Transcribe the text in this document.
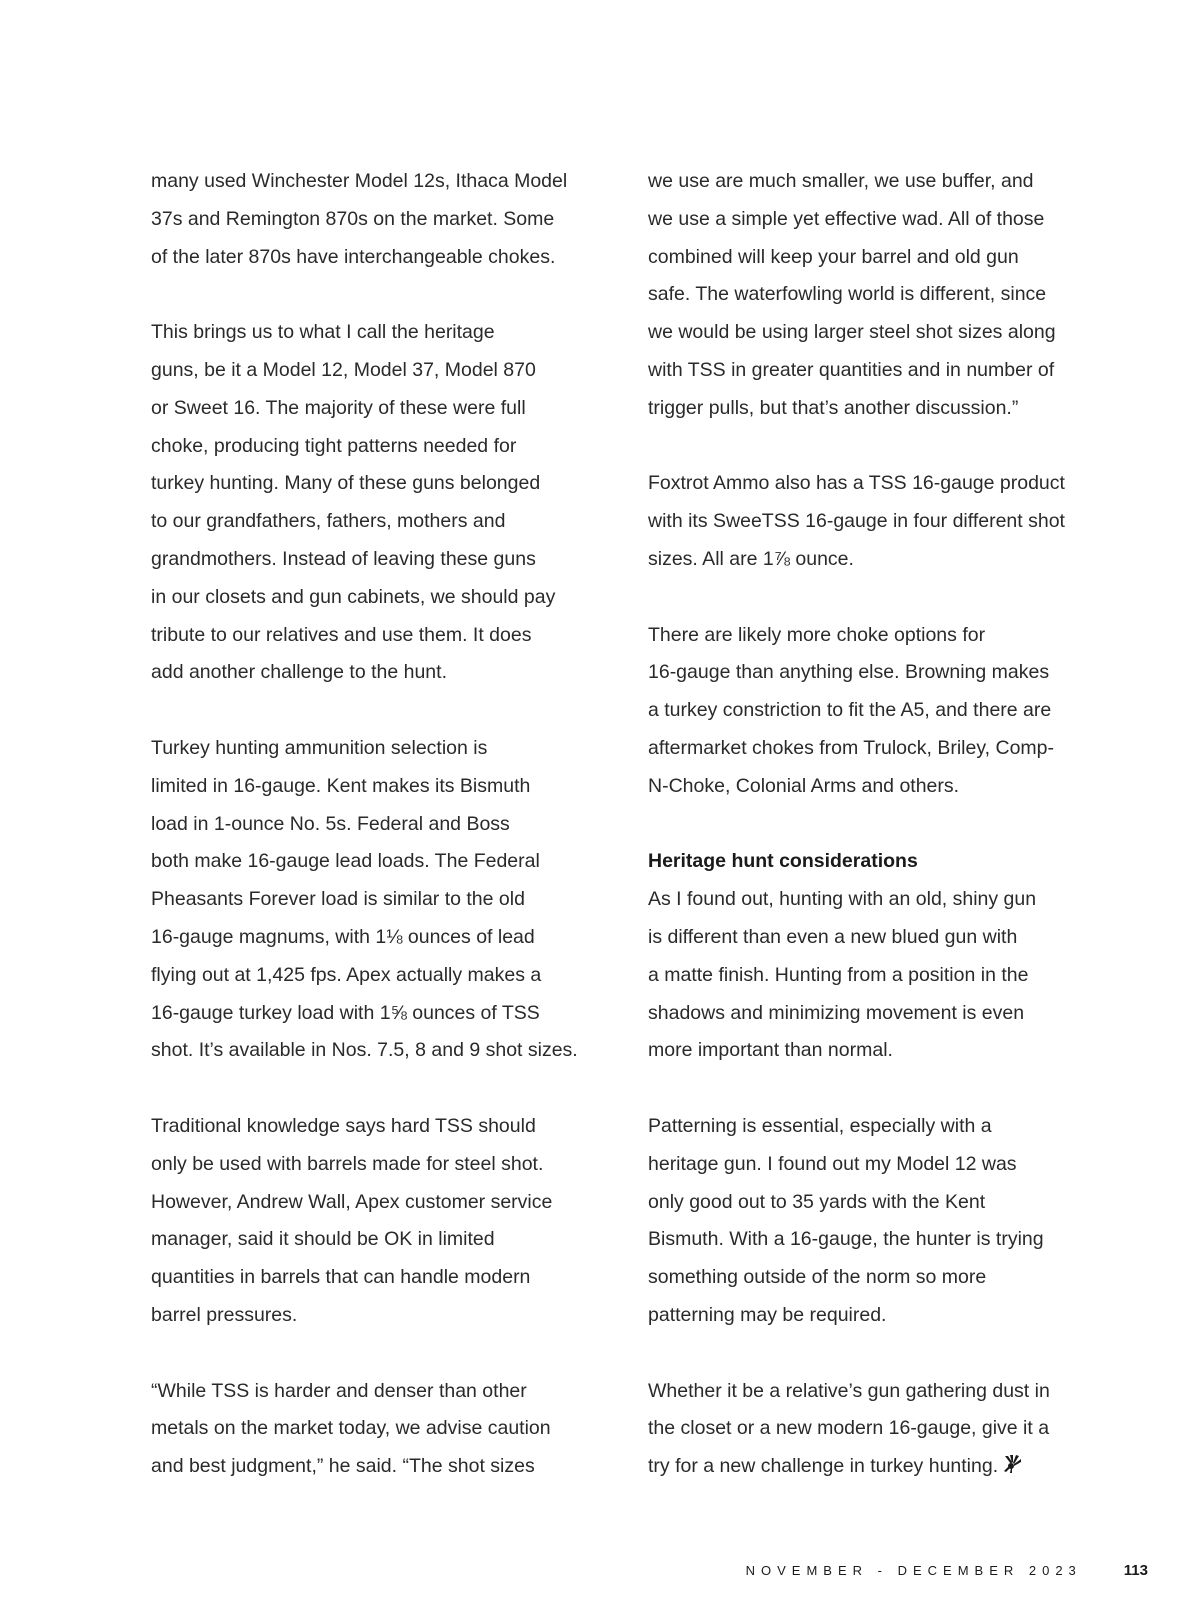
many used Winchester Model 12s, Ithaca Model
37s and Remington 870s on the market. Some
of the later 870s have interchangeable chokes.

This brings us to what I call the heritage
guns, be it a Model 12, Model 37, Model 870
or Sweet 16. The majority of these were full
choke, producing tight patterns needed for
turkey hunting. Many of these guns belonged
to our grandfathers, fathers, mothers and
grandmothers. Instead of leaving these guns
in our closets and gun cabinets, we should pay
tribute to our relatives and use them. It does
add another challenge to the hunt.

Turkey hunting ammunition selection is
limited in 16-gauge. Kent makes its Bismuth
load in 1-ounce No. 5s. Federal and Boss
both make 16-gauge lead loads. The Federal
Pheasants Forever load is similar to the old
16-gauge magnums, with 1⅛ ounces of lead
flying out at 1,425 fps. Apex actually makes a
16-gauge turkey load with 1⅝ ounces of TSS
shot. It’s available in Nos. 7.5, 8 and 9 shot sizes.

Traditional knowledge says hard TSS should
only be used with barrels made for steel shot.
However, Andrew Wall, Apex customer service
manager, said it should be OK in limited
quantities in barrels that can handle modern
barrel pressures.

“While TSS is harder and denser than other
metals on the market today, we advise caution
and best judgment,” he said. “The shot sizes

we use are much smaller, we use buffer, and
we use a simple yet effective wad. All of those
combined will keep your barrel and old gun
safe. The waterfowling world is different, since
we would be using larger steel shot sizes along
with TSS in greater quantities and in number of
trigger pulls, but that’s another discussion.”

Foxtrot Ammo also has a TSS 16-gauge product
with its SweeTSS 16-gauge in four different shot
sizes. All are 1⅞ ounce.

There are likely more choke options for
16-gauge than anything else. Browning makes
a turkey constriction to fit the A5, and there are
aftermarket chokes from Trulock, Briley, Comp-
N-Choke, Colonial Arms and others.

Heritage hunt considerations

As I found out, hunting with an old, shiny gun
is different than even a new blued gun with
a matte finish. Hunting from a position in the
shadows and minimizing movement is even
more important than normal.

Patterning is essential, especially with a
heritage gun. I found out my Model 12 was
only good out to 35 yards with the Kent
Bismuth. With a 16-gauge, the hunter is trying
something outside of the norm so more
patterning may be required.

Whether it be a relative’s gun gathering dust in
the closet or a new modern 16-gauge, give it a
try for a new challenge in turkey hunting.

NOVEMBER - DECEMBER 2023	113
